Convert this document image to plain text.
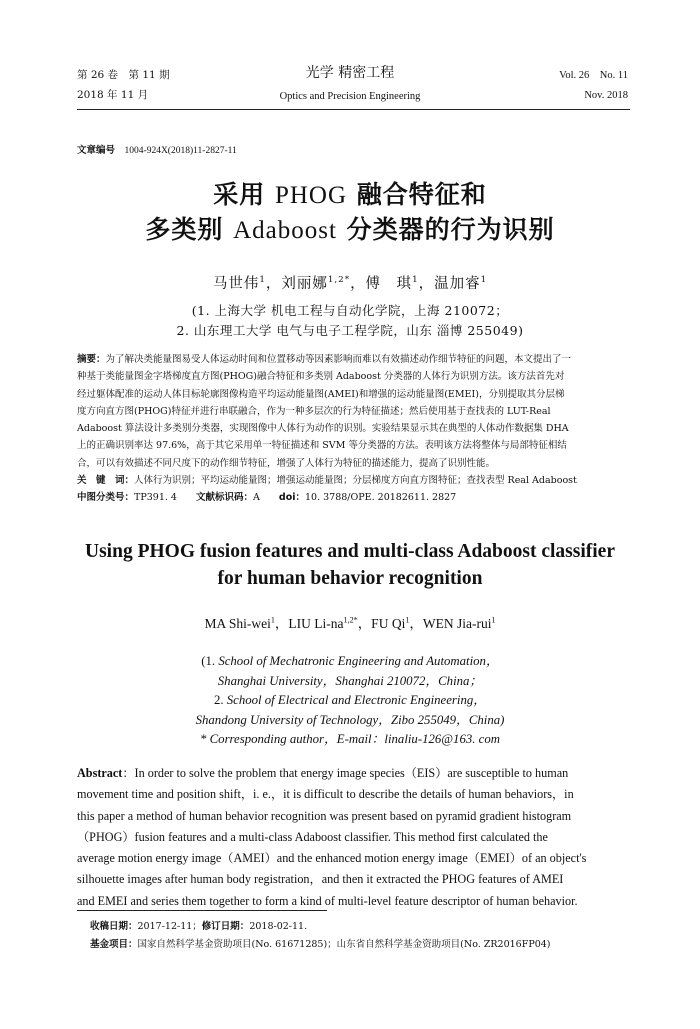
第 26 卷　第 11 期
2018 年 11 月
光学 精密工程
Optics and Precision Engineering
Vol. 26　No. 11
Nov. 2018
文章编号　 1004-924X(2018)11-2827-11
采用 PHOG 融合特征和
多类别 Adaboost 分类器的行为识别
马世伟$^1$，刘丽娜$^{1,2*}$，傅　琪$^1$，温加睿$^1$
(1. 上海大学 机电工程与自动化学院，上海 210072；
2. 山东理工大学 电气与电子工程学院，山东 淄博 255049)
摘要：为了解决类能量图易受人体运动时间和位置移动等因素影响而难以有效描述动作细节特征的问题，本文提出了一
种基于类能量图金字塔梯度直方图(PHOG)融合特征和多类别 Adaboost 分类器的人体行为识别方法。该方法首先对
经过躯体配准的运动人体目标轮廓图像构造平均运动能量图(AMEI)和增强的运动能量图(EMEI)，分别提取其分层梯
度方向直方图(PHOG)特征并进行串联融合，作为一种多层次的行为特征描述；然后使用基于查找表的 LUT-Real
Adaboost 算法设计多类别分类器，实现图像中人体行为动作的识别。实验结果显示其在典型的人体动作数据集 DHA
上的正确识别率达 97.6%，高于其它采用单一特征描述和 SVM 等分类器的方法。表明该方法将整体与局部特征相结
合，可以有效描述不同尺度下的动作细节特征，增强了人体行为特征的描述能力，提高了识别性能。
关　键　词：人体行为识别；平均运动能量图；增强运动能量图；分层梯度方向直方图特征；查找表型 Real Adaboost
中图分类号：TP391. 4　　 文献标识码：A　　 doi：10. 3788/OPE. 20182611. 2827
Using PHOG fusion features and multi-class Adaboost classifier
for human behavior recognition
MA Shi-wei$^1$，LIU $Li-na^{1,2*}$，FU Qi$^1$，WEN Jia-rui$^1$
(1. School of Mechatronic Engineering and Automation，
Shanghai University，Shanghai 210072，China；
2. School of Electrical and Electronic Engineering，
Shandong University of Technology，Zibo 255049，China)
* Corresponding author，E-mail：linaliu-126@163. com
Abstract：In order to solve the problem that energy image species（EIS）are susceptible to human
movement time and position shift，i. e.，it is difficult to describe the details of human behaviors，in
this paper a method of human behavior recognition was present based on pyramid gradient histogram
（PHOG）fusion features and a multi-class Adaboost classifier. This method first calculated the
average motion energy image（AMEI）and the enhanced motion energy image（EMEI）of an object's
silhouette images after human body registration，and then it extracted the PHOG features of AMEI
and EMEI and series them together to form a kind of multi-level feature descriptor of human behavior.
收稿日期：2017-12-11；修订日期：2018-02-11.
基金项目：国家自然科学基金资助项目(No. 61671285)；山东省自然科学基金资助项目(No. ZR2016FP04)
